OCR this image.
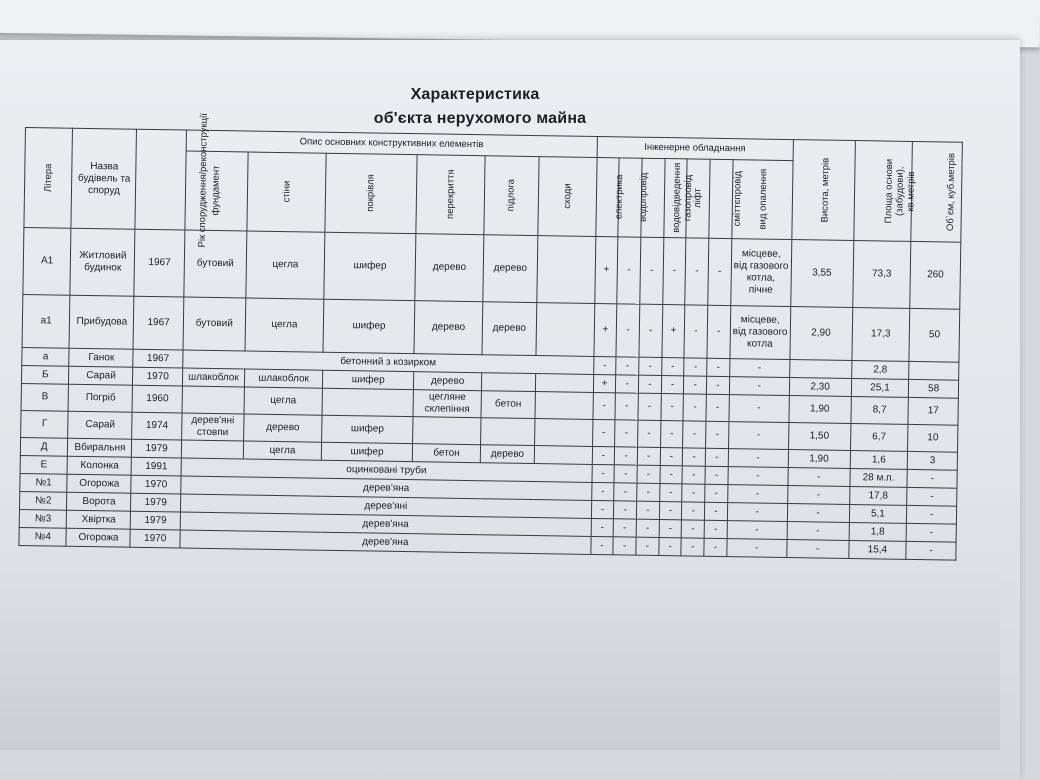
Характеристика
об'єкта нерухомого майна
Літера	Назва будівель та споруд	Рік спорудження/реконструкції	Опис основних конструктивних елементів						Інженерне обладнання							Висота, метрів	Площа основи (забудови), кв.метрів	Об`єм, куб.метрів
			фундамент	стіни	покрівля	перекриття	підлога	сходи	електрика	водопровід	водовідведення	газопровід	ліфт	сміттєпровід	вид опалення			
А1	Житловий будинок	1967	бутовий	цегла	шифер	дерево	дерево		+	-	-	-	-	-	місцеве, від газового котла, пічне	3,55	73,3	260
а1	Прибудова	1967	бутовий	цегла	шифер	дерево	дерево		+	-	-	+	-	-	місцеве, від газового котла	2,90	17,3	50
а	Ганок	1967	бетонний з козирком						-	-	-	-	-	-	-		2,8	
Б	Сарай	1970	шлакоблок	шлакоблок	шифер	дерево			+	-	-	-	-	-	-	2,30	25,1	58
В	Погріб	1960		цегла		цегляне склепіння	бетон		-	-	-	-	-	-	-	1,90	8,7	17
Г	Сарай	1974	дерев'яні стовпи	дерево	шифер				-	-	-	-	-	-	-	1,50	6,7	10
Д	Вбиральня	1979		цегла	шифер	бетон	дерево		-	-	-	-	-	-	-	1,90	1,6	3
Е	Колонка	1991	оцинковані труби						-	-	-	-	-	-	-	-	28 м.п.	-
№1	Огорожа	1970	дерев'яна						-	-	-	-	-	-	-	-	17,8	-
№2	Ворота	1979	дерев'яні						-	-	-	-	-	-	-	-	5,1	-
№3	Хвіртка	1979	дерев'яна						-	-	-	-	-	-	-	-	1,8	-
№4	Огорожа	1970	дерев'яна						-	-	-	-	-	-	-	-	15,4	-
